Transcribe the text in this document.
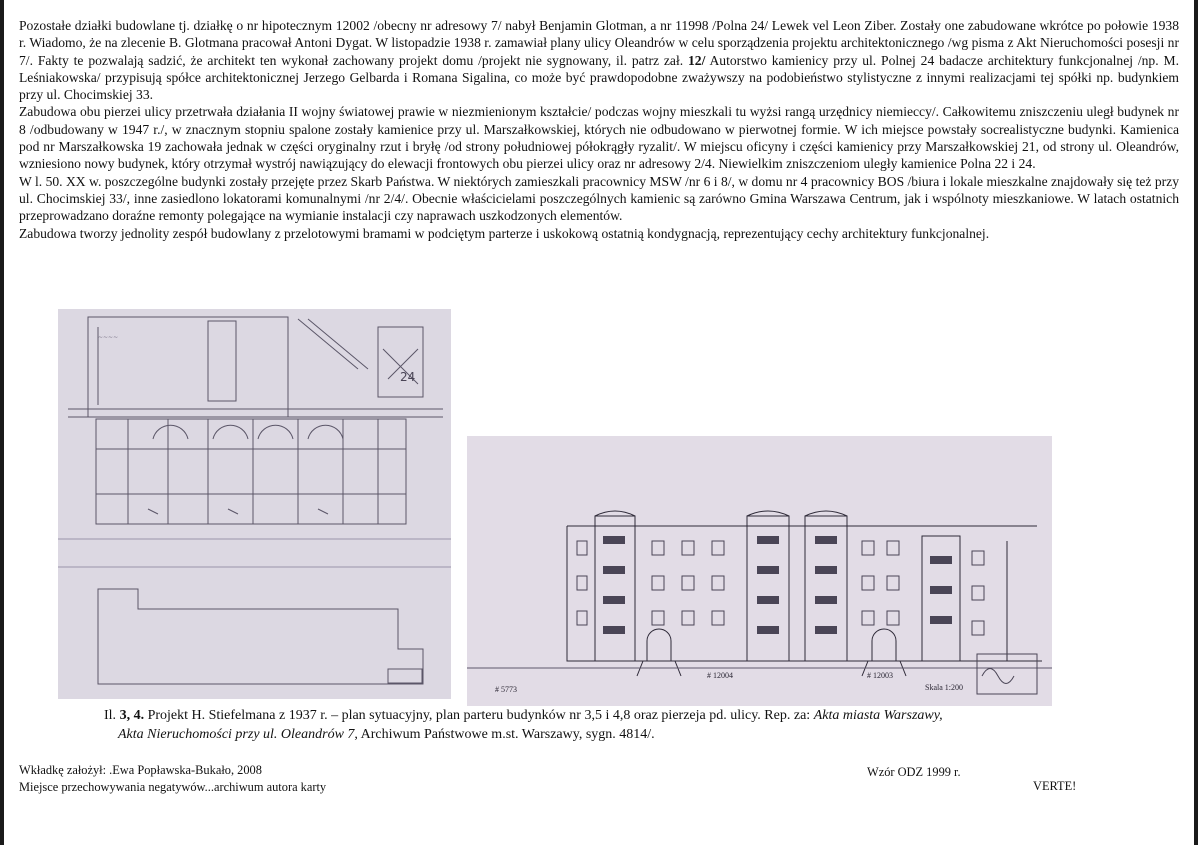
Pozostałe działki budowlane tj. działkę o nr hipotecznym 12002 /obecny nr adresowy 7/ nabył Benjamin Glotman, a nr 11998 /Polna 24/ Lewek vel Leon Ziber. Zostały one zabudowane wkrótce po połowie 1938 r. Wiadomo, że na zlecenie B. Glotmana pracował Antoni Dygat. W listopadzie 1938 r. zamawiał plany ulicy Oleandrów w celu sporządzenia projektu architektonicznego /wg pisma z Akt Nieruchomości posesji nr 7/. Fakty te pozwalają sadzić, że architekt ten wykonał zachowany projekt domu /projekt nie sygnowany, il. patrz zał. 12/ Autorstwo kamienicy przy ul. Polnej 24 badacze architektury funkcjonalnej /np. M. Leśniakowska/ przypisują spółce architektonicznej Jerzego Gelbarda i Romana Sigalina, co może być prawdopodobne zważywszy na podobieństwo stylistyczne z innymi realizacjami tej spółki np. budynkiem przy ul. Chocimskiej 33.

Zabudowa obu pierzei ulicy przetrwała działania II wojny światowej prawie w niezmienionym kształcie/ podczas wojny mieszkali tu wyżsi rangą urzędnicy niemieccy/. Całkowitemu zniszczeniu uległ budynek nr 8 /odbudowany w 1947 r./, w znacznym stopniu spalone zostały kamienice przy ul. Marszałkowskiej, których nie odbudowano w pierwotnej formie. W ich miejsce powstały socrealistyczne budynki. Kamienica pod nr Marszałkowska 19 zachowała jednak w części oryginalny rzut i bryłę /od strony południowej półokrągły ryzalit/. W miejscu oficyny i części kamienicy przy Marszałkowskiej 21, od strony ul. Oleandrów, wzniesiono nowy budynek, który otrzymał wystrój nawiązujący do elewacji frontowych obu pierzei ulicy oraz nr adresowy 2/4. Niewielkim zniszczeniom uległy kamienice Polna 22 i 24.

W l. 50. XX w. poszczególne budynki zostały przejęte przez Skarb Państwa. W niektórych zamieszkali pracownicy MSW /nr 6 i 8/, w domu nr 4 pracownicy BOS /biura i lokale mieszkalne znajdowały się też przy ul. Chocimskiej 33/, inne zasiedlono lokatorami komunalnymi /nr 2/4/. Obecnie właścicielami poszczególnych kamienic są zarówno Gmina Warszawa Centrum, jak i wspólnoty mieszkaniowe. W latach ostatnich przeprowadzano doraźne remonty polegające na wymianie instalacji czy naprawach uszkodzonych elementów.

Zabudowa tworzy jednolity zespół budowlany z przelotowymi bramami w podciętym parterze i uskokową ostatnią kondygnacją, reprezentujący cechy architektury funkcjonalnej.

~~~~
24
# 5773
# 12004	# 12003
Skala 1:200
Il. 3, 4. Projekt H. Stiefelmana z 1937 r. – plan sytuacyjny, plan parteru budynków nr 3,5 i 4,8 oraz pierzeja pd. ulicy. Rep. za: Akta miasta Warszawy,
Akta Nieruchomości przy ul. Oleandrów 7, Archiwum Państwowe m.st. Warszawy, sygn. 4814/.
Wkładkę założył: .Ewa Popławska-Bukało, 2008
Miejsce przechowywania negatywów...archiwum autora karty
Wzór ODZ 1999 r.
VERTE!
